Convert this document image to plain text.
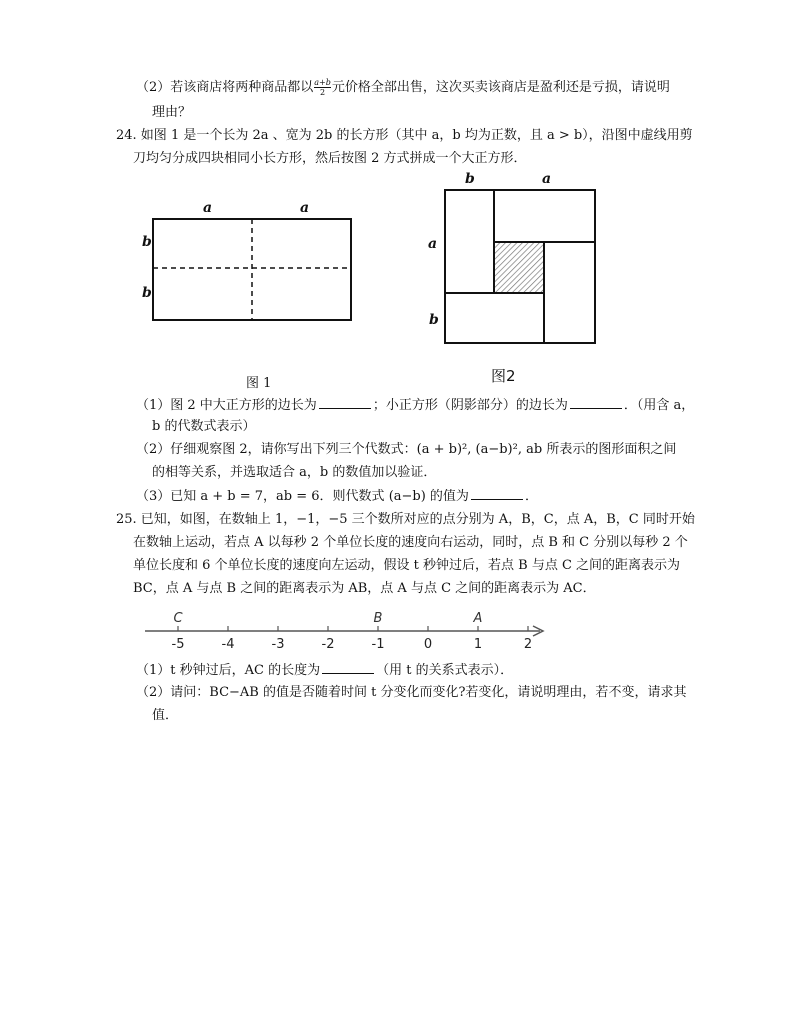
（2）若该商店将两种商品都以 $\frac{a+b}{2}$ 元价格全部出售，这次买卖该商店是盈利还是亏损，请说明
理由？
24. 如图 1 是一个长为 2a 、宽为 2b 的长方形（其中 a，b 均为正数，且 a > b），沿图中虚线用剪
刀均匀分成四块相同小长方形，然后按图 2 方式拼成一个大正方形．
a	a
b
b
图 1
b	a
a
b
图2
（1）图 2 中大正方形的边长为	；小正方形（阴影部分）的边长为	．（用含 a，
b 的代数式表示）
（2）仔细观察图 2，请你写出下列三个代数式：(a + b)², (a−b)², ab 所表示的图形面积之间
的相等关系，并选取适合 a，b 的数值加以验证．
（3）已知 a + b = 7，ab = 6．则代数式 (a−b) 的值为	．
25. 已知，如图，在数轴上 1，−1，−5 三个数所对应的点分别为 A，B，C，点 A，B，C 同时开始
在数轴上运动，若点 A 以每秒 2 个单位长度的速度向右运动，同时，点 B 和 C 分别以每秒 2 个
单位长度和 6 个单位长度的速度向左运动，假设 t 秒钟过后，若点 B 与点 C 之间的距离表示为
BC，点 A 与点 B 之间的距离表示为 AB，点 A 与点 C 之间的距离表示为 AC．
-5	-4	-3	-2	-1	0	1	2
C	B	A
（1）t 秒钟过后，AC 的长度为	（用 t 的关系式表示）．
（2）请问：BC−AB 的值是否随着时间 t 分变化而变化?若变化，请说明理由，若不变，请求其
值．
